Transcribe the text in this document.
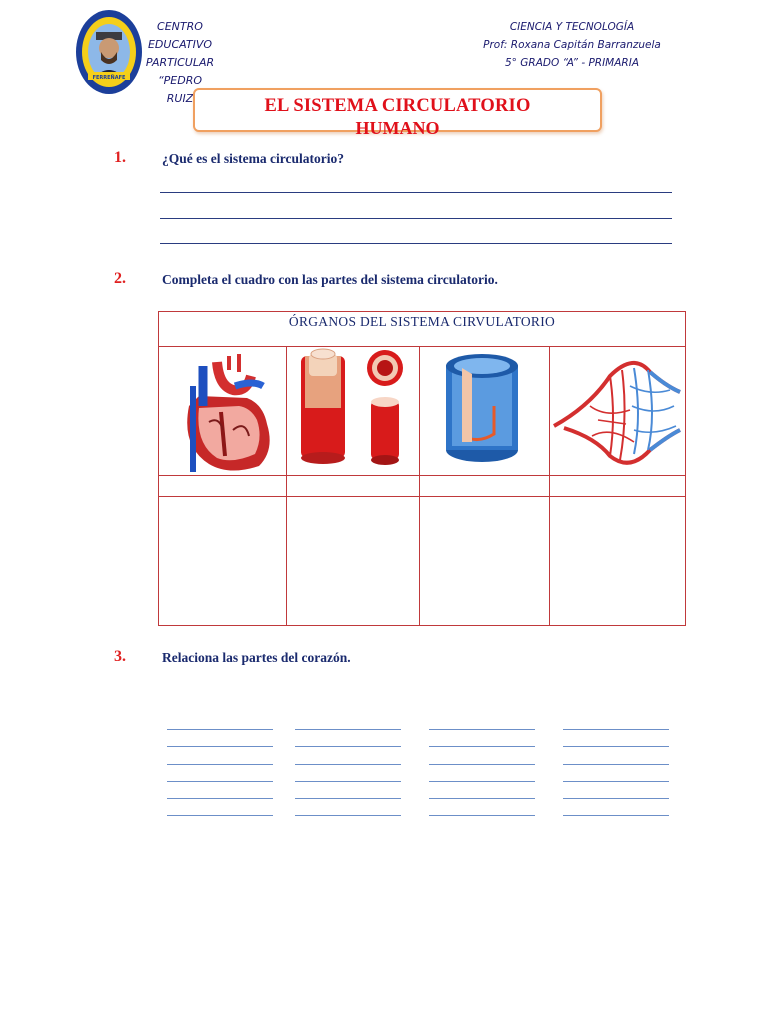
FERREÑAFE
CENTRO
EDUCATIVO
PARTICULAR
“PEDRO
RUIZ
CIENCIA Y TECNOLOGÍA
Prof: Roxana Capitán Barranzuela
5° GRADO “A” - PRIMARIA
EL SISTEMA CIRCULATORIO
HUMANO
1.	¿Qué es el sistema circulatorio?
2.	Completa el cuadro con las partes del sistema circulatorio.
ÓRGANOS DEL SISTEMA CIRVULATORIO
3.	Relaciona las partes del corazón.
